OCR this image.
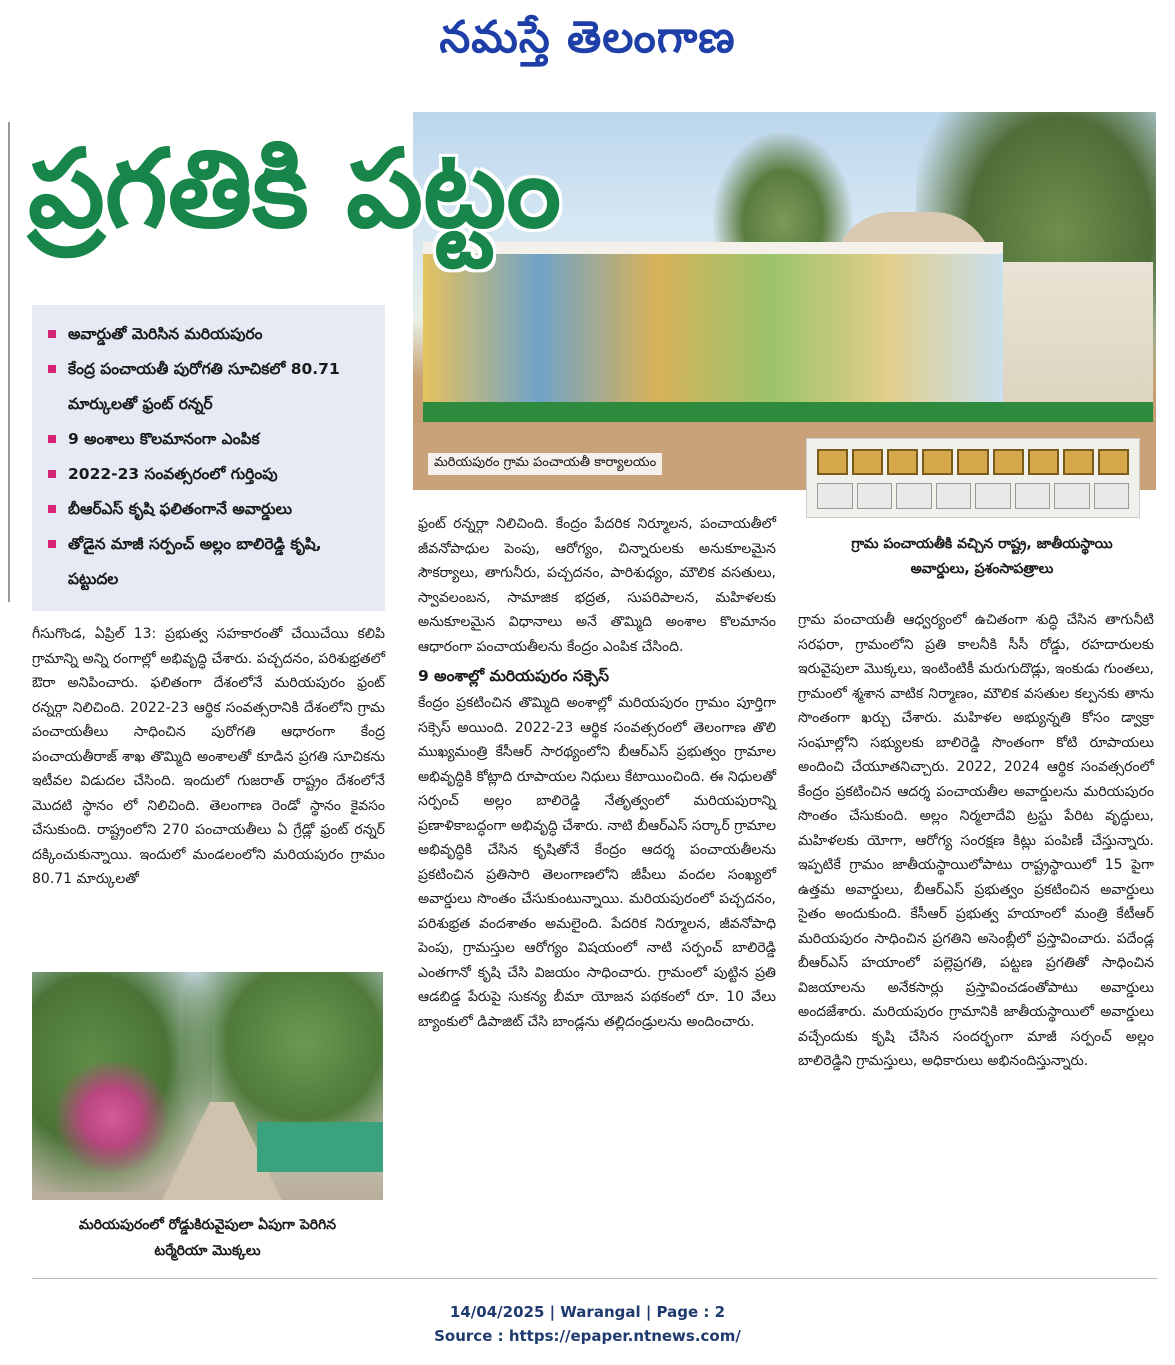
నమస్తే తెలంగాణ
మరియపురం గ్రామ పంచాయతీ కార్యాలయం
ప్రగతికి పట్టం
అవార్డుతో మెరిసిన మరియపురం
కేంద్ర పంచాయతీ పురోగతి సూచికలో 80.71 మార్కులతో ఫ్రంట్ రన్నర్
9 అంశాలు కొలమానంగా ఎంపిక
2022-23 సంవత్సరంలో గుర్తింపు
బీఆర్ఎస్ కృషి ఫలితంగానే అవార్డులు
తోడైన మాజీ సర్పంచ్ అల్లం బాలిరెడ్డి కృషి, పట్టుదల
గ్రామ పంచాయతీకి వచ్చిన రాష్ట్ర, జాతీయస్థాయి
అవార్డులు, ప్రశంసాపత్రాలు

గీసుగొండ, ఏప్రిల్ 13: ప్రభుత్వ సహకారంతో చేయిచేయి కలిపి గ్రామాన్ని అన్ని రంగాల్లో అభివృద్ధి చేశారు. పచ్చదనం, పరిశుభ్రతలో ఔరా అనిపించారు. ఫలితంగా దేశంలోనే మరియపురం ఫ్రంట్ రన్నర్గా నిలిచింది. 2022-23 ఆర్థిక సంవత్సరానికి దేశంలోని గ్రామ పంచాయతీలు సాధించిన పురోగతి ఆధారంగా కేంద్ర పంచాయతీరాజ్ శాఖ తొమ్మిది అంశాలతో కూడిన ప్రగతి సూచికను ఇటీవల విడుదల చేసింది. ఇందులో గుజరాత్ రాష్ట్రం దేశంలోనే మొదటి స్థానం లో నిలిచింది. తెలంగాణ రెండో స్థానం కైవసం చేసుకుంది. రాష్ట్రంలోని 270 పంచాయతీలు ఏ గ్రేడ్లో ఫ్రంట్ రన్నర్ దక్కించుకున్నాయి. ఇందులో మండలంలోని మరియపురం గ్రామం 80.71 మార్కులతో

ఫ్రంట్ రన్నర్గా నిలిచింది. కేంద్రం పేదరిక నిర్మూలన, పంచాయతీలో జీవనోపాధుల పెంపు, ఆరోగ్యం, చిన్నారులకు అనుకూలమైన సౌకర్యాలు, తాగునీరు, పచ్చదనం, పారిశుధ్యం, మౌలిక వసతులు, స్వావలంబన, సామాజిక భద్రత, సుపరిపాలన, మహిళలకు అనుకూలమైన విధానాలు అనే తొమ్మిది అంశాల కొలమానం ఆధారంగా పంచాయతీలను కేంద్రం ఎంపిక చేసింది.

9 అంశాల్లో మరియపురం సక్సెస్

కేంద్రం ప్రకటించిన తొమ్మిది అంశాల్లో మరియపురం గ్రామం పూర్తిగా సక్సెస్ అయింది. 2022-23 ఆర్థిక సంవత్సరంలో తెలంగాణ తొలి ముఖ్యమంత్రి కేసీఆర్ సారథ్యంలోని బీఆర్ఎస్ ప్రభుత్వం గ్రామాల అభివృద్ధికి కోట్లాది రూపాయల నిధులు కేటాయించింది. ఈ నిధులతో సర్పంచ్ అల్లం బాలిరెడ్డి నేతృత్వంలో మరియపురాన్ని ప్రణాళికాబద్ధంగా అభివృద్ధి చేశారు. నాటి బీఆర్ఎస్ సర్కార్ గ్రామాల అభివృద్ధికి చేసిన కృషితోనే కేంద్రం ఆదర్శ పంచాయతీలను ప్రకటించిన ప్రతిసారి తెలంగాణలోని జీపీలు వందల సంఖ్యలో అవార్డులు సొంతం చేసుకుంటున్నాయి. మరియపురంలో పచ్చదనం, పరిశుభ్రత వందశాతం అమలైంది. పేదరిక నిర్మూలన, జీవనోపాధి పెంపు, గ్రామస్తుల ఆరోగ్యం విషయంలో నాటి సర్పంచ్ బాలిరెడ్డి ఎంతగానో కృషి చేసి విజయం సాధించారు. గ్రామంలో పుట్టిన ప్రతి ఆడబిడ్డ పేరుపై సుకన్య బీమా యోజన పథకంలో రూ. 10 వేలు బ్యాంకులో డిపాజిట్ చేసి బాండ్లను తల్లిదండ్రులను అందించారు.

గ్రామ పంచాయతీ ఆధ్వర్యంలో ఉచితంగా శుద్ధి చేసిన తాగునీటి సరఫరా, గ్రామంలోని ప్రతి కాలనీకి సీసీ రోడ్డు, రహదారులకు ఇరువైపులా మొక్కలు, ఇంటింటికీ మరుగుదొడ్లు, ఇంకుడు గుంతలు, గ్రామంలో శ్మశాన వాటిక నిర్మాణం, మౌలిక వసతుల కల్పనకు తాను సొంతంగా ఖర్చు చేశారు. మహిళల అభ్యున్నతి కోసం డ్వాక్రా సంఘాల్లోని సభ్యులకు బాలిరెడ్డి సొంతంగా కోటి రూపాయలు అందించి చేయూతనిచ్చారు. 2022, 2024 ఆర్థిక సంవత్సరంలో కేంద్రం ప్రకటించిన ఆదర్శ పంచాయతీల అవార్డులను మరియపురం సొంతం చేసుకుంది. అల్లం నిర్మలాదేవి ట్రస్టు పేరిట వృద్ధులు, మహిళలకు యోగా, ఆరోగ్య సంరక్షణ కిట్లు పంపిణీ చేస్తున్నారు. ఇప్పటికే గ్రామం జాతీయస్థాయిలోపాటు రాష్ట్రస్థాయిలో 15 పైగా ఉత్తమ అవార్డులు, బీఆర్ఎస్ ప్రభుత్వం ప్రకటించిన అవార్డులు సైతం అందుకుంది. కేసీఆర్ ప్రభుత్వ హయాంలో మంత్రి కేటీఆర్ మరియపురం సాధించిన ప్రగతిని అసెంబ్లీలో ప్రస్తావించారు. పదేండ్ల బీఆర్ఎస్ హయాంలో పల్లెప్రగతి, పట్టణ ప్రగతితో సాధించిన విజయాలను అనేకసార్లు ప్రస్తావించడంతోపాటు అవార్డులు అందజేశారు. మరియపురం గ్రామానికి జాతీయస్థాయిలో అవార్డులు వచ్చేందుకు కృషి చేసిన సందర్భంగా మాజీ సర్పంచ్ అల్లం బాలిరెడ్డిని గ్రామస్తులు, అధికారులు అభినందిస్తున్నారు.

మరియపురంలో రోడ్డుకిరువైపులా ఏపుగా పెరిగిన
టర్మేరియా మొక్కలు
14/04/2025 | Warangal | Page : 2
Source : https://epaper.ntnews.com/
